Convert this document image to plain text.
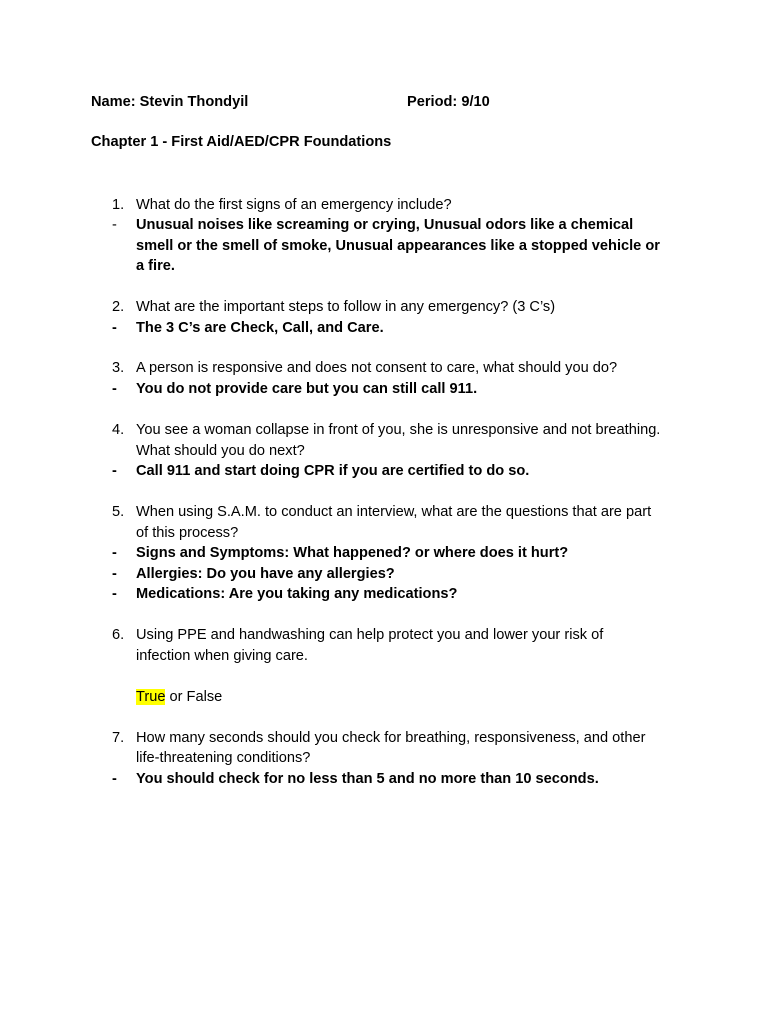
Name: Stevin Thondyil	Period: 9/10
Chapter 1 - First Aid/AED/CPR Foundations
1. What do the first signs of an emergency include?
- Unusual noises like screaming or crying, Unusual odors like a chemical
smell or the smell of smoke, Unusual appearances like a stopped vehicle or
a fire.
2. What are the important steps to follow in any emergency? (3 C’s)
- The 3 C’s are Check, Call, and Care.
3. A person is responsive and does not consent to care, what should you do?
- You do not provide care but you can still call 911.
4. You see a woman collapse in front of you, she is unresponsive and not breathing.
What should you do next?
- Call 911 and start doing CPR if you are certified to do so.
5. When using S.A.M. to conduct an interview, what are the questions that are part
of this process?
- Signs and Symptoms: What happened? or where does it hurt?
- Allergies: Do you have any allergies?
- Medications: Are you taking any medications?
6. Using PPE and handwashing can help protect you and lower your risk of
infection when giving care.
True or False
7. How many seconds should you check for breathing, responsiveness, and other
life-threatening conditions?
- You should check for no less than 5 and no more than 10 seconds.
